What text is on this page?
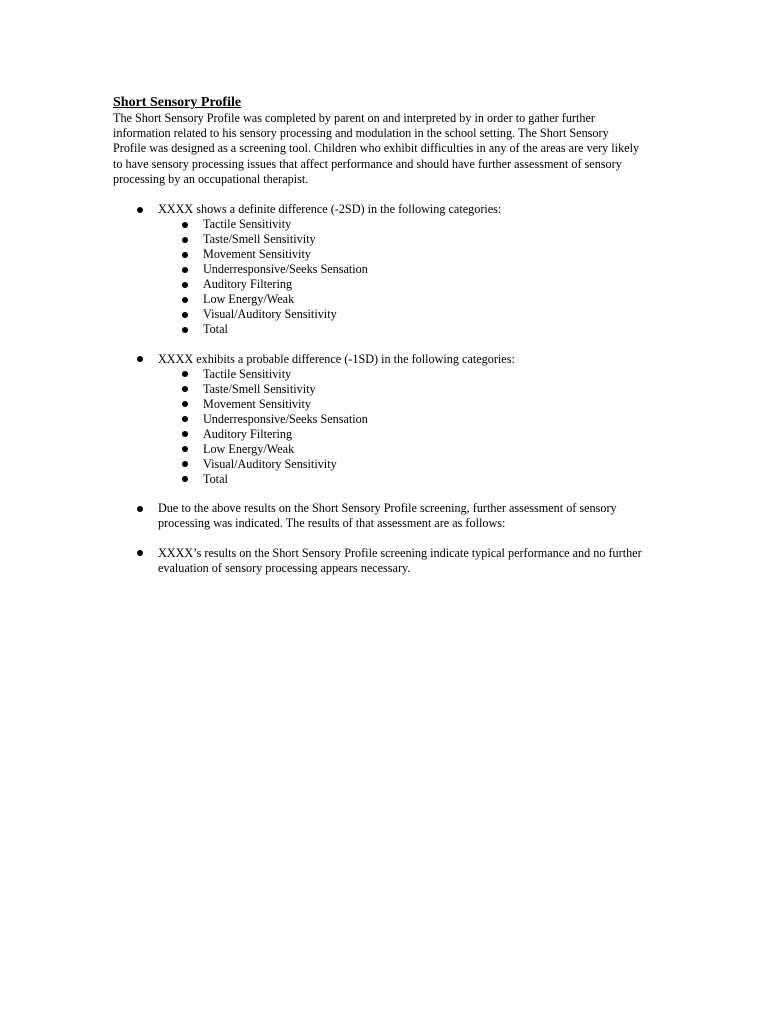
Short Sensory Profile

The Short Sensory Profile was completed by parent on and interpreted by in order to gather further information related to his sensory processing and modulation in the school setting. The Short Sensory Profile was designed as a screening tool. Children who exhibit difficulties in any of the areas are very likely to have sensory processing issues that affect performance and should have further assessment of sensory processing by an occupational therapist.

XXXX shows a definite difference (-2SD) in the following categories:

Tactile Sensitivity
Taste/Smell Sensitivity
Movement Sensitivity
Underresponsive/Seeks Sensation
Auditory Filtering
Low Energy/Weak
Visual/Auditory Sensitivity
Total

XXXX exhibits a probable difference (-1SD) in the following categories:

Tactile Sensitivity
Taste/Smell Sensitivity
Movement Sensitivity
Underresponsive/Seeks Sensation
Auditory Filtering
Low Energy/Weak
Visual/Auditory Sensitivity
Total

Due to the above results on the Short Sensory Profile screening, further assessment of sensory processing was indicated. The results of that assessment are as follows:

XXXX’s results on the Short Sensory Profile screening indicate typical performance and no further evaluation of sensory processing appears necessary.
